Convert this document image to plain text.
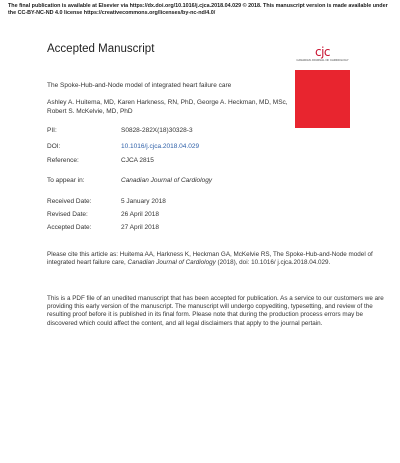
The final publication is available at Elsevier via https://dx.doi.org/10.1016/j.cjca.2018.04.029 © 2018. This manuscript version is made available under the CC-BY-NC-ND 4.0 license https://creativecommons.org/licenses/by-nc-nd/4.0/
Accepted Manuscript	cjc
CANADIAN JOURNAL OF CARDIOLOGY
The Spoke-Hub-and-Node model of integrated heart failure care
Ashley A. Huitema, MD, Karen Harkness, RN, PhD, George A. Heckman, MD, MSc, Robert S. McKelvie, MD, PhD
PII:	S0828-282X(18)30328-3
DOI:	10.1016/j.cjca.2018.04.029
Reference:	CJCA 2815
To appear in:	Canadian Journal of Cardiology
Received Date:	5 January 2018
Revised Date:	26 April 2018
Accepted Date:	27 April 2018
Please cite this article as: Huitema AA, Harkness K, Heckman GA, McKelvie RS, The Spoke-Hub-and-Node model of integrated heart failure care, Canadian Journal of Cardiology (2018), doi: 10.1016/ j.cjca.2018.04.029.
This is a PDF file of an unedited manuscript that has been accepted for publication. As a service to our customers we are providing this early version of the manuscript. The manuscript will undergo copyediting, typesetting, and review of the resulting proof before it is published in its final form. Please note that during the production process errors may be discovered which could affect the content, and all legal disclaimers that apply to the journal pertain.
